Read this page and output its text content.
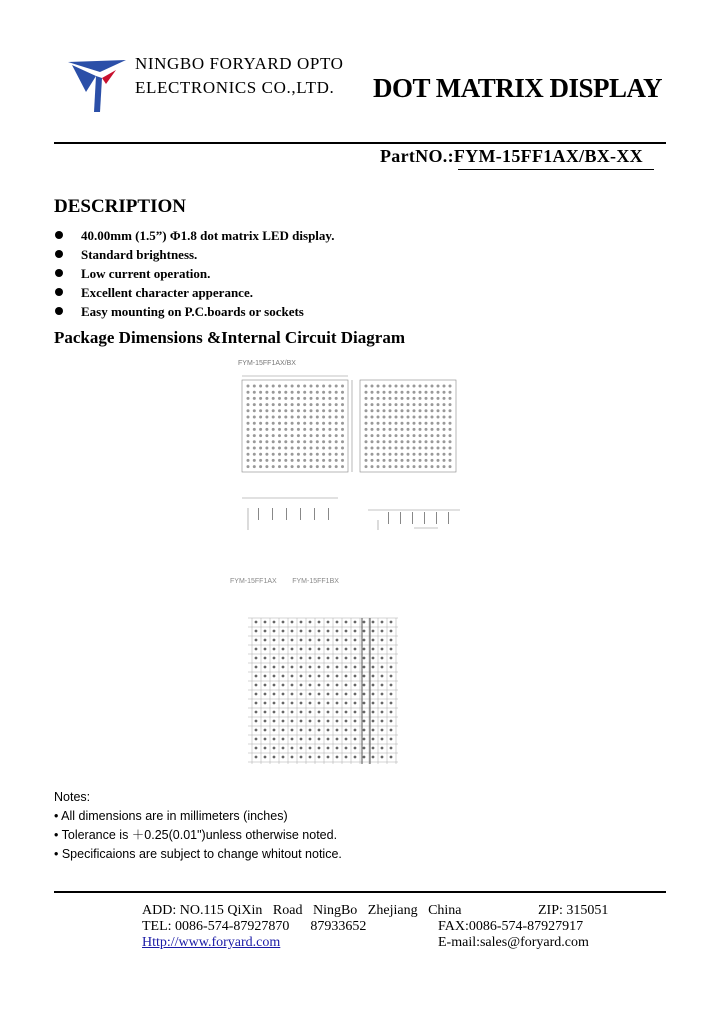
NINGBO FORYARD OPTO
ELECTRONICS CO.,LTD. DOT MATRIX DISPLAY
PartNO.:FYM-15FF1AX/BX-XX
DESCRIPTION
40.00mm (1.5”) Φ1.8 dot matrix LED display.
Standard brightness.
Low current operation.
Excellent character apperance.
Easy mounting on P.C.boards or sockets
Package Dimensions &Internal Circuit Diagram
FYM-15FF1AX/BX
FYM-15FF1AX        FYM-15FF1BX
Notes:
• All dimensions are in millimeters (inches)
• Tolerance is ＋0.25(0.01")unless otherwise noted.
• Specificaions are subject to change whitout notice.
ADD: NO.115 QiXin   Road   NingBo   Zhejiang   China	ZIP: 315051
TEL: 0086-574-87927870      87933652	FAX:0086-574-87927917
Http://www.foryard.com	E-mail:sales@foryard.com
